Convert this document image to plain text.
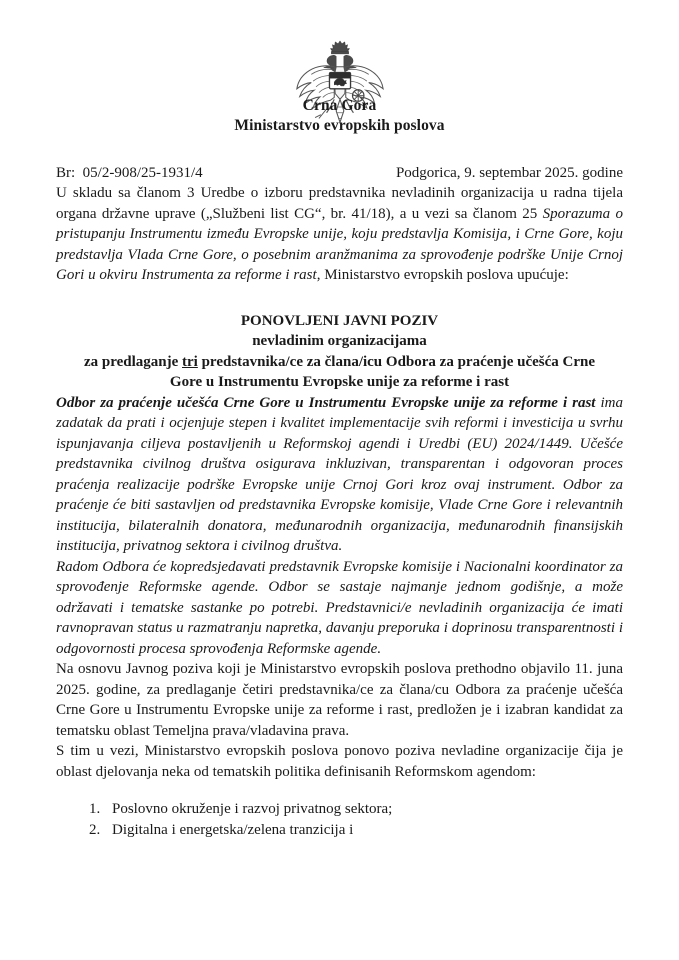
Crna Gora
Ministarstvo evropskih poslova
Br:  05/2-908/25-1931/4	Podgorica, 9. septembar 2025. godine

U skladu sa članom 3 Uredbe o izboru predstavnika nevladinih organizacija u radna tijela organa državne uprave („Službeni list CG“, br. 41/18), a u vezi sa članom 25 Sporazuma o pristupanju Instrumentu između Evropske unije, koju predstavlja Komisija, i Crne Gore, koju predstavlja Vlada Crne Gore, o posebnim aranžmanima za sprovođenje podrške Unije Crnoj Gori u okviru Instrumenta za reforme i rast, Ministarstvo evropskih poslova upućuje:

PONOVLJENI JAVNI POZIV
nevladinim organizacijama
za predlaganje tri predstavnika/ce za člana/icu Odbora za praćenje učešća Crne
Gore u Instrumentu Evropske unije za reforme i rast

Odbor za praćenje učešća Crne Gore u Instrumentu Evropske unije za reforme i rast ima zadatak da prati i ocjenjuje stepen i kvalitet implementacije svih reformi i investicija u svrhu ispunjavanja ciljeva postavljenih u Reformskoj agendi i Uredbi (EU) 2024/1449. Učešće predstavnika civilnog društva osigurava inkluzivan, transparentan i odgovoran proces praćenja realizacije podrške Evropske unije Crnoj Gori kroz ovaj instrument. Odbor za praćenje će biti sastavljen od predstavnika Evropske komisije, Vlade Crne Gore i relevantnih institucija, bilateralnih donatora, međunarodnih organizacija, međunarodnih finansijskih institucija, privatnog sektora i civilnog društva.

Radom Odbora će kopredsjedavati predstavnik Evropske komisije i Nacionalni koordinator za sprovođenje Reformske agende. Odbor se sastaje najmanje jednom godišnje, a može održavati i tematske sastanke po potrebi. Predstavnici/e nevladinih organizacija će imati ravnopravan status u razmatranju napretka, davanju preporuka i doprinosu transparentnosti i odgovornosti procesa sprovođenja Reformske agende.

Na osnovu Javnog poziva koji je Ministarstvo evropskih poslova prethodno objavilo 11. juna 2025. godine, za predlaganje četiri predstavnika/ce za člana/cu Odbora za praćenje učešća Crne Gore u Instrumentu Evropske unije za reforme i rast, predložen je i izabran kandidat za tematsku oblast Temeljna prava/vladavina prava.

S tim u vezi, Ministarstvo evropskih poslova ponovo poziva nevladine organizacije čija je oblast djelovanja neka od tematskih politika definisanih Reformskom agendom:

1. Poslovno okruženje i razvoj privatnog sektora;
2. Digitalna i energetska/zelena tranzicija i
